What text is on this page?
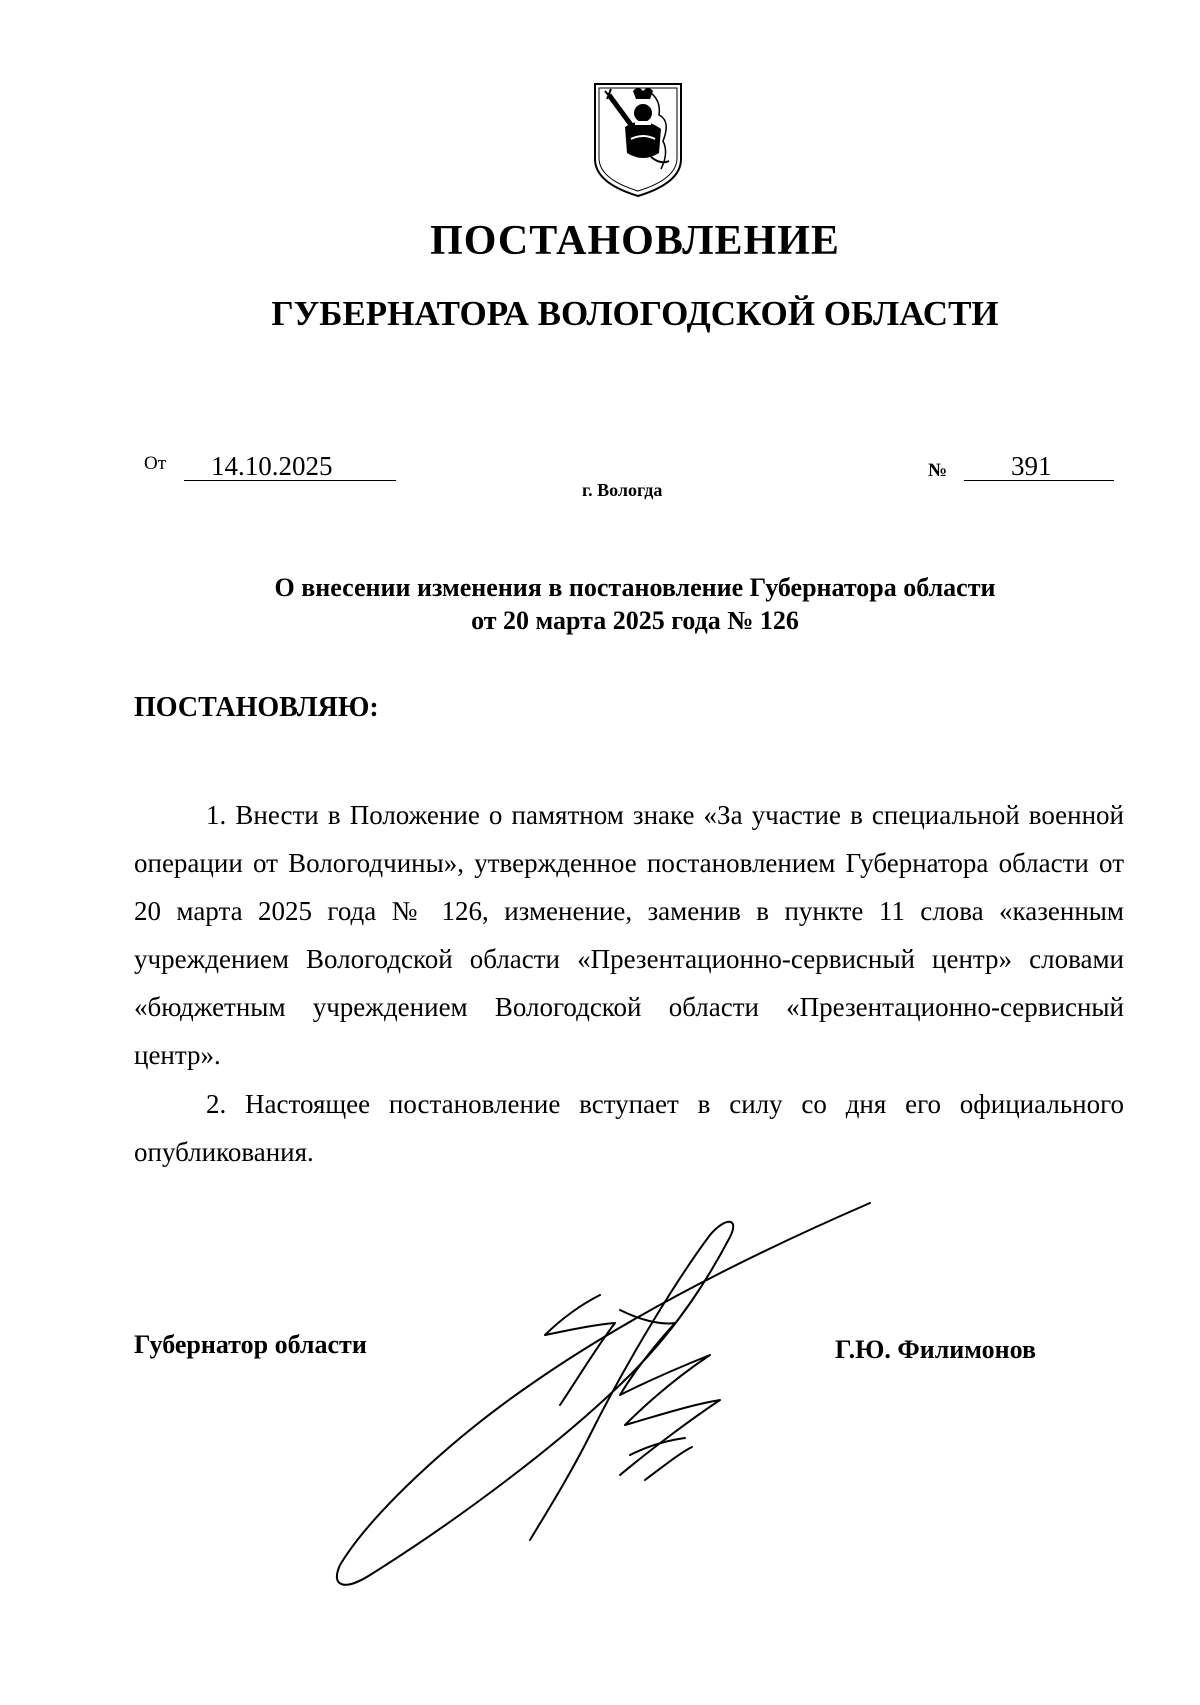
ПОСТАНОВЛЕНИЕ
ГУБЕРНАТОРА ВОЛОГОДСКОЙ ОБЛАСТИ
От	14.10.2025	№	391
г. Вологда
О внесении изменения в постановление Губернатора области
от 20 марта 2025 года № 126
ПОСТАНОВЛЯЮ:

1. Внести в Положение о памятном знаке «За участие в специальной военной операции от Вологодчины», утвержденное постановлением Губернатора области от 20 марта 2025 года № 126, изменение, заменив в пункте 11 слова «казенным учреждением Вологодской области «Презентационно-сервисный центр» словами «бюджетным учреждением Вологодской области «Презентационно-сервисный центр».

2. Настоящее постановление вступает в силу со дня его официального опубликования.

Губернатор области	Г.Ю. Филимонов
